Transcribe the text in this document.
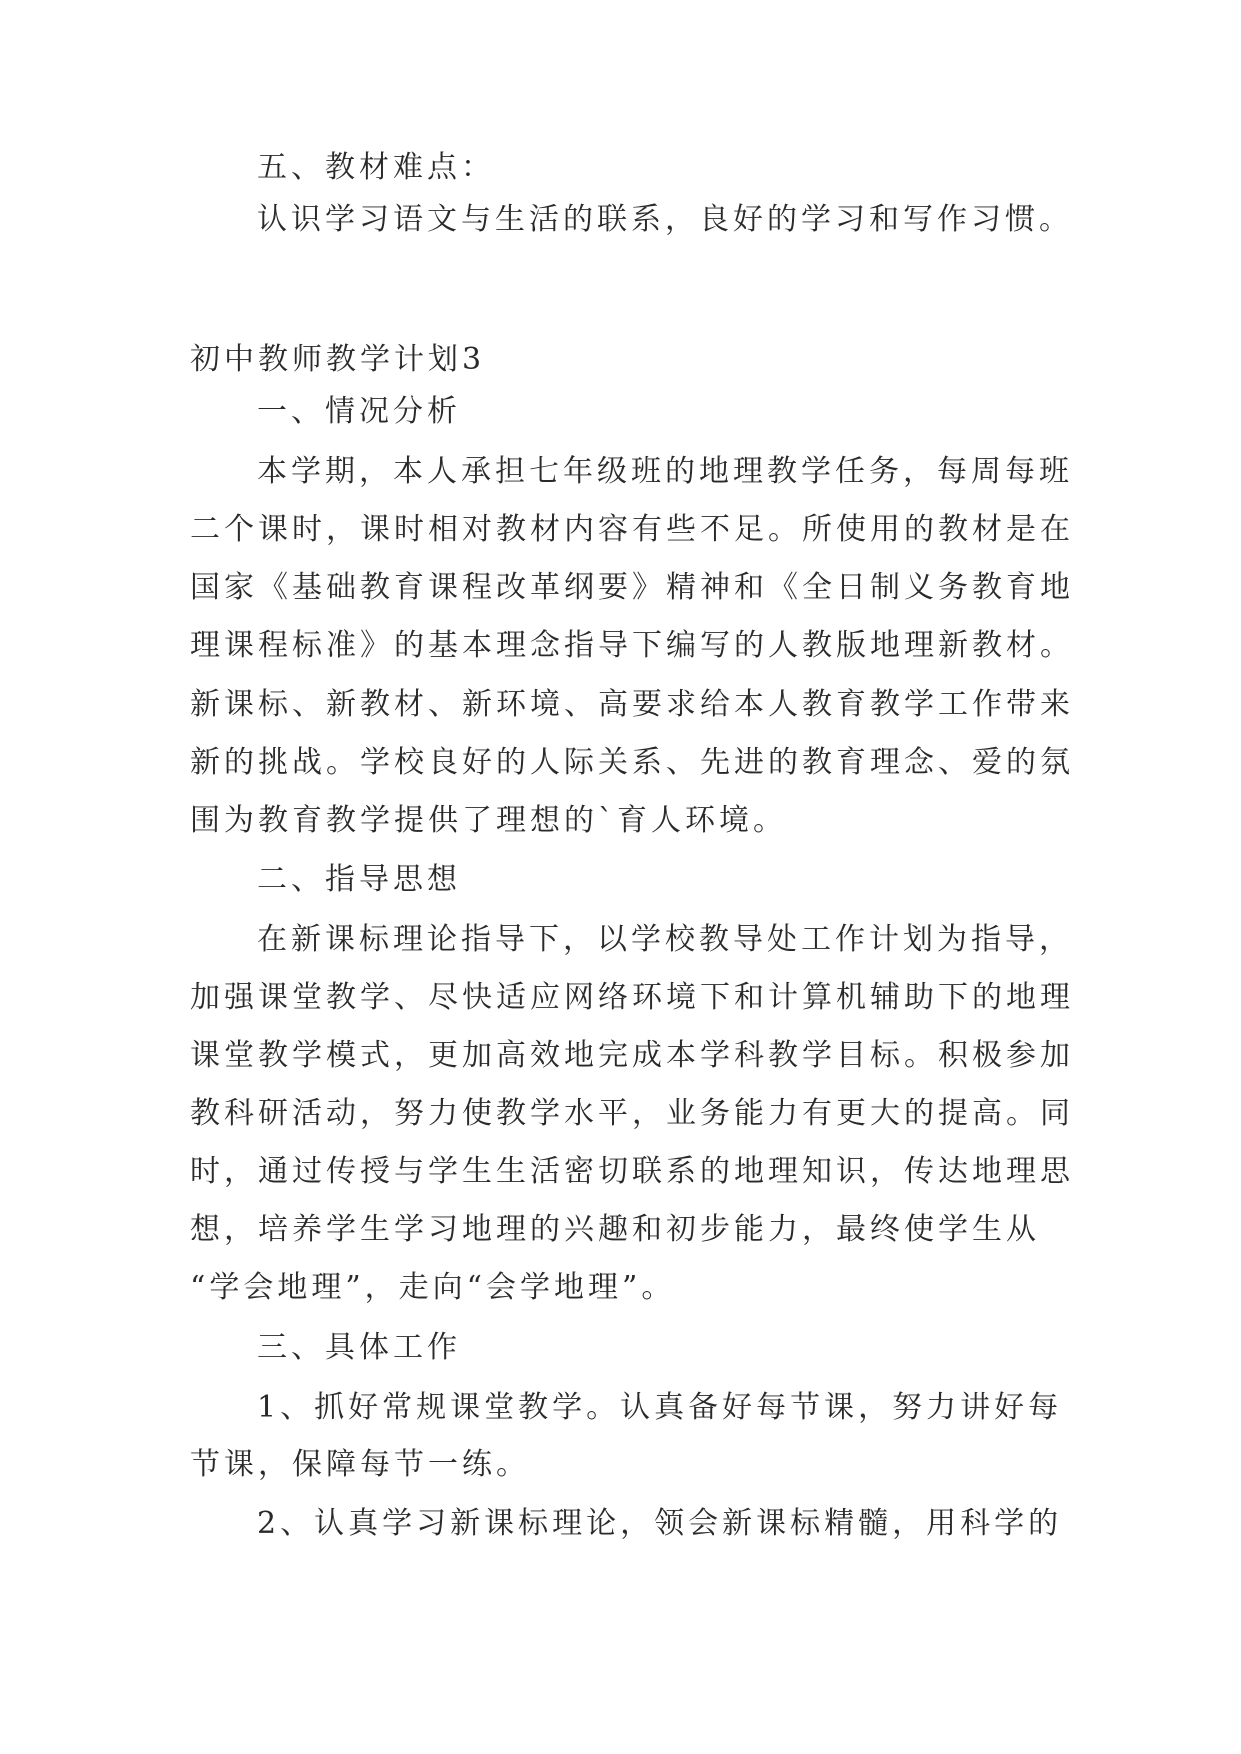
五、教材难点：
认识学习语文与生活的联系，良好的学习和写作习惯。
初中教师教学计划3
一、情况分析
本学期，本人承担七年级班的地理教学任务，每周每班
二个课时，课时相对教材内容有些不足。所使用的教材是在
国家《基础教育课程改革纲要》精神和《全日制义务教育地
理课程标准》的基本理念指导下编写的人教版地理新教材。
新课标、新教材、新环境、高要求给本人教育教学工作带来
新的挑战。学校良好的人际关系、先进的教育理念、爱的氛
围为教育教学提供了理想的`育人环境。
二、指导思想
在新课标理论指导下，以学校教导处工作计划为指导，
加强课堂教学、尽快适应网络环境下和计算机辅助下的地理
课堂教学模式，更加高效地完成本学科教学目标。积极参加
教科研活动，努力使教学水平，业务能力有更大的提高。同
时，通过传授与学生生活密切联系的地理知识，传达地理思
想，培养学生学习地理的兴趣和初步能力，最终使学生从
“学会地理”，走向“会学地理”。
三、具体工作
1、抓好常规课堂教学。认真备好每节课，努力讲好每
节课，保障每节一练。
2、认真学习新课标理论，领会新课标精髓，用科学的
